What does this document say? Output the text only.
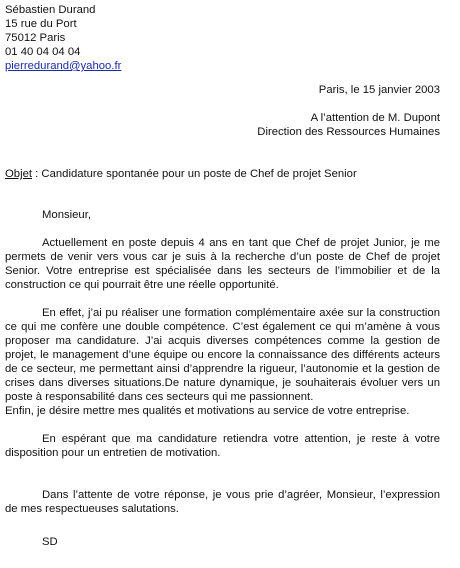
Sébastien Durand
15 rue du Port
75012 Paris
01 40 04 04 04
pierredurand@yahoo.fr
Paris, le 15 janvier 2003
A l’attention de M. Dupont
Direction des Ressources Humaines
Objet : Candidature spontanée pour un poste de Chef de projet Senior
Monsieur,

Actuellement en poste depuis 4 ans en tant que Chef de projet Junior, je me permets de venir vers vous car je suis à la recherche d’un poste de Chef de projet Senior. Votre entreprise est spécialisée dans les secteurs de l’immobilier et de la construction ce qui pourrait être une réelle opportunité.

En effet, j’ai pu réaliser une formation complémentaire axée sur la construction ce qui me confère une double compétence. C’est également ce qui m’amène à vous proposer ma candidature. J’ai acquis diverses compétences comme la gestion de projet, le management d’une équipe ou encore la connaissance des différents acteurs de ce secteur, me permettant ainsi d’apprendre la rigueur, l’autonomie et la gestion de crises dans diverses situations.De nature dynamique, je souhaiterais évoluer vers un poste à responsabilité dans ces secteurs qui me passionnent.

Enfin, je désire mettre mes qualités et motivations au service de votre entreprise.

En espérant que ma candidature retiendra votre attention, je reste à votre disposition pour un entretien de motivation.

Dans l’attente de votre réponse, je vous prie d’agréer, Monsieur, l’expression de mes respectueuses salutations.

SD
